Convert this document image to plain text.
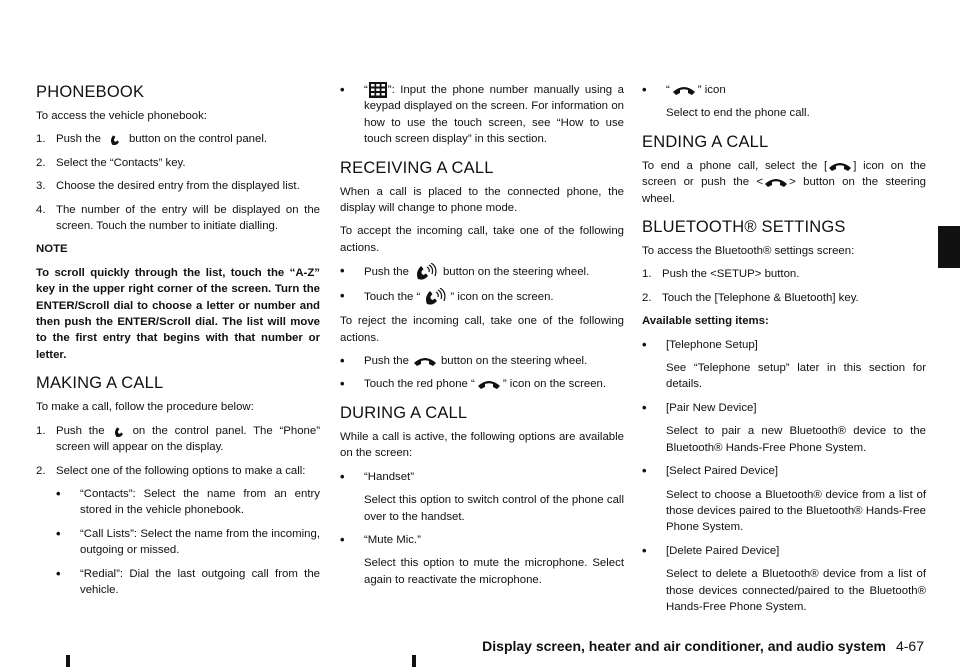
PHONEBOOK

To access the vehicle phonebook:

1. Push the button on the control panel.
2. Select the “Contacts” key.
3. Choose the desired entry from the displayed list.
4. The number of the entry will be displayed on the screen. Touch the number to initiate dialling.

NOTE

To scroll quickly through the list, touch the “A-Z” key in the upper right corner of the screen. Turn the ENTER/Scroll dial to choose a letter or number and then push the ENTER/Scroll dial. The list will move to the first entry that begins with that number or letter.

MAKING A CALL

To make a call, follow the procedure below:

1. Push the on the control panel. The “Phone” screen will appear on the display.
2. Select one of the following options to make a call:
•	“Contacts”: Select the name from an entry stored in the vehicle phonebook.
•	“Call Lists”: Select the name from the incoming, outgoing or missed.
•	“Redial”: Dial the last outgoing call from the vehicle.
•	“ ”: Input the phone number manually using a keypad displayed on the screen. For information on how to use the touch screen, see “How to use touch screen display” in this section.
RECEIVING A CALL

When a call is placed to the connected phone, the display will change to phone mode.

To accept the incoming call, take one of the following actions.

•	Push the	button on the steering wheel.
•	Touch the “	” icon on the screen.

To reject the incoming call, take one of the following actions.

•	Push the	button on the steering wheel.
•	Touch the red phone “ ” icon on the screen.
DURING A CALL

While a call is active, the following options are available on the screen:

•	“Handset”

Select this option to switch control of the phone call over to the handset.

•	“Mute Mic.”

Select this option to mute the microphone. Select again to reactivate the microphone.

•	“ ” icon

Select to end the phone call.

ENDING A CALL

To end a phone call, select the [ ] icon on the screen or push the < > button on the steering wheel.

BLUETOOTH® SETTINGS

To access the Bluetooth® settings screen:

1. Push the <SETUP> button.
2. Touch the [Telephone & Bluetooth] key.

Available setting items:

•	[Telephone Setup]

See “Telephone setup” later in this section for details.

•	[Pair New Device]

Select to pair a new Bluetooth® device to the Bluetooth® Hands-Free Phone System.

•	[Select Paired Device]

Select to choose a Bluetooth® device from a list of those devices paired to the Bluetooth® Hands-Free Phone System.

•	[Delete Paired Device]

Select to delete a Bluetooth® device from a list of those devices connected/paired to the Bluetooth® Hands-Free Phone System.

Display screen, heater and air conditioner, and audio system 4-67
